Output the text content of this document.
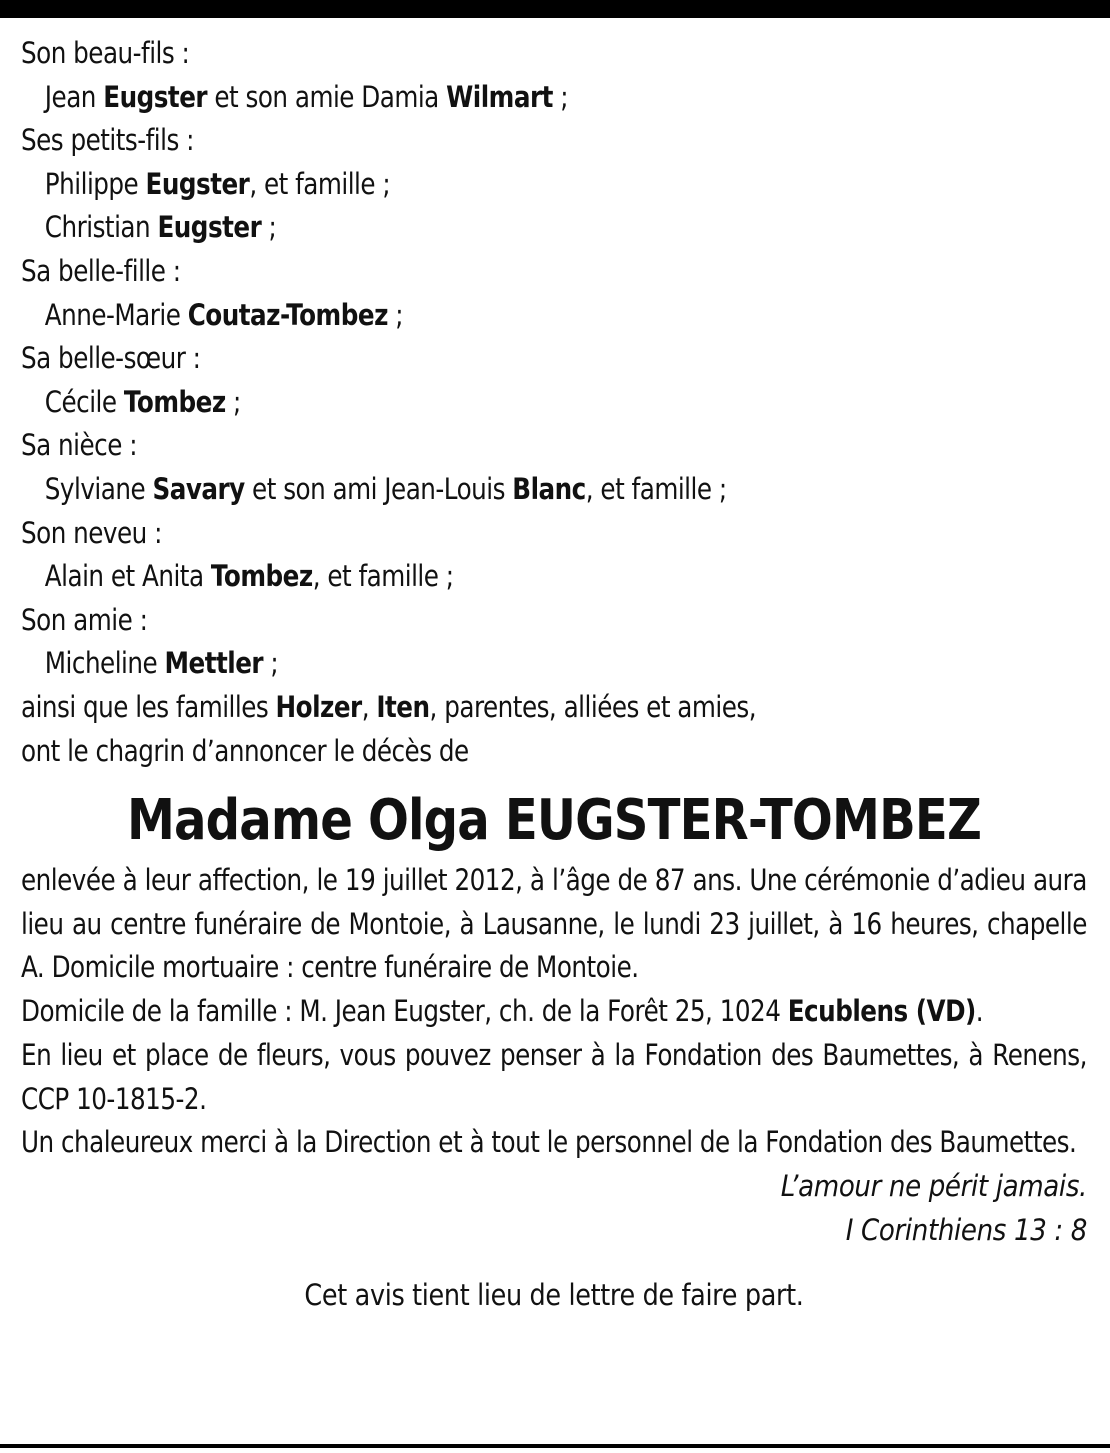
Son beau-fils :
Jean Eugster et son amie Damia Wilmart ;
Ses petits-fils :
Philippe Eugster, et famille ;
Christian Eugster ;
Sa belle-fille :
Anne-Marie Coutaz-Tombez ;
Sa belle-sœur :
Cécile Tombez ;
Sa nièce :
Sylviane Savary et son ami Jean-Louis Blanc, et famille ;
Son neveu :
Alain et Anita Tombez, et famille ;
Son amie :
Micheline Mettler ;
ainsi que les familles Holzer, Iten, parentes, alliées et amies,
ont le chagrin d’annoncer le décès de
Madame Olga EUGSTER-TOMBEZ
enlevée à leur affection, le 19 juillet 2012, à l’âge de 87 ans. Une cérémonie d’adieu aura lieu au centre funéraire de Montoie, à Lausanne, le lundi 23 juillet, à 16 heures, chapelle A. Domicile mortuaire : centre funéraire de Montoie.
Domicile de la famille : M. Jean Eugster, ch. de la Forêt 25, 1024 Ecublens (VD).
En lieu et place de fleurs, vous pouvez penser à la Fondation des Baumettes, à Renens, CCP 10-1815-2.
Un chaleureux merci à la Direction et à tout le personnel de la Fondation des Baumettes.
L’amour ne périt jamais.
I Corinthiens 13 : 8
Cet avis tient lieu de lettre de faire part.
